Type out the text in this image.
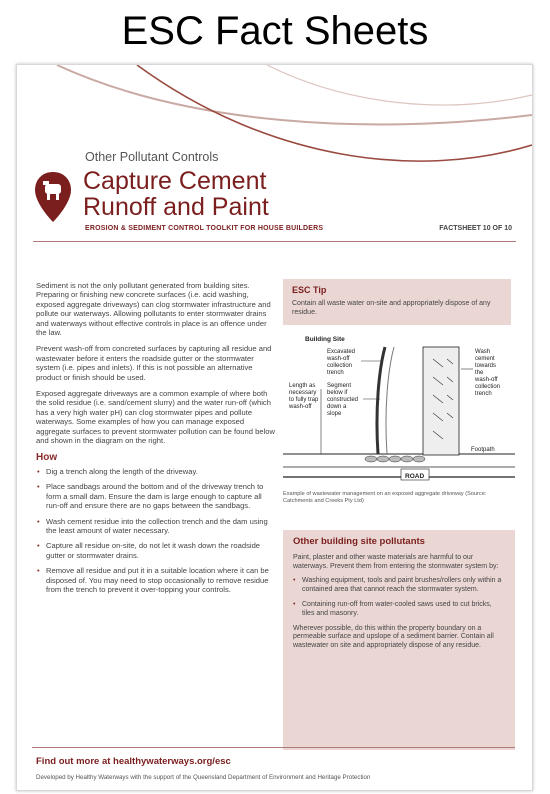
ESC Fact Sheets
Other Pollutant Controls
Capture Cement
Runoff and Paint
EROSION & SEDIMENT CONTROL TOOLKIT FOR HOUSE BUILDERS	FACTSHEET 10 OF 10

Sediment is not the only pollutant generated from building sites. Preparing or finishing new concrete surfaces (i.e. acid washing, exposed aggregate driveways) can clog stormwater infrastructure and pollute our waterways. Allowing pollutants to enter stormwater drains and waterways without effective controls in place is an offence under the law.

Prevent wash-off from concreted surfaces by capturing all residue and wastewater before it enters the roadside gutter or the stormwater system (i.e. pipes and inlets). If this is not possible an alternative product or finish should be used.

Exposed aggregate driveways are a common example of where both the solid residue (i.e. sand/cement slurry) and the water run-off (which has a very high water pH) can clog stormwater pipes and pollute waterways. Some examples of how you can manage exposed aggregate surfaces to prevent stormwater pollution can be found below and shown in the diagram on the right.

How
• Dig a trench along the length of the driveway.
• Place sandbags around the bottom and of the driveway trench to form a small dam. Ensure the dam is large enough to capture all run-off and ensure there are no gaps between the sandbags.
• Wash cement residue into the collection trench and the dam using the least amount of water necessary.
• Capture all residue on-site, do not let it wash down the roadside gutter or stormwater drains.
• Remove all residue and put it in a suitable location where it can be disposed of. You may need to stop occasionally to remove residue from the trench to prevent it over-topping your controls.
ESC Tip
Contain all waste water on-site and appropriately dispose of any residue.
Building Site
ROAD
Footpath
Length as
necessary
to fully trap
wash-off
Excavated
wash-off
collection
trench
Segment
below if
constructed
down a
slope
Wash
cement
towards
the
wash-off
collection
trench
Example of wastewater management on an exposed aggregate driveway (Source: Catchments and Creeks Pty Ltd)
Other building site pollutants

Paint, plaster and other waste materials are harmful to our waterways. Prevent them from entering the stormwater system by:

• Washing equipment, tools and paint brushes/rollers only within a contained area that cannot reach the stormwater system.
• Containing run-off from water-cooled saws used to cut bricks, tiles and masonry.

Wherever possible, do this within the property boundary on a permeable surface and upslope of a sediment barrier. Contain all wastewater on site and appropriately dispose of any residue.

Find out more at healthywaterways.org/esc
Developed by Healthy Waterways with the support of the Queensland Department of Environment and Heritage Protection
